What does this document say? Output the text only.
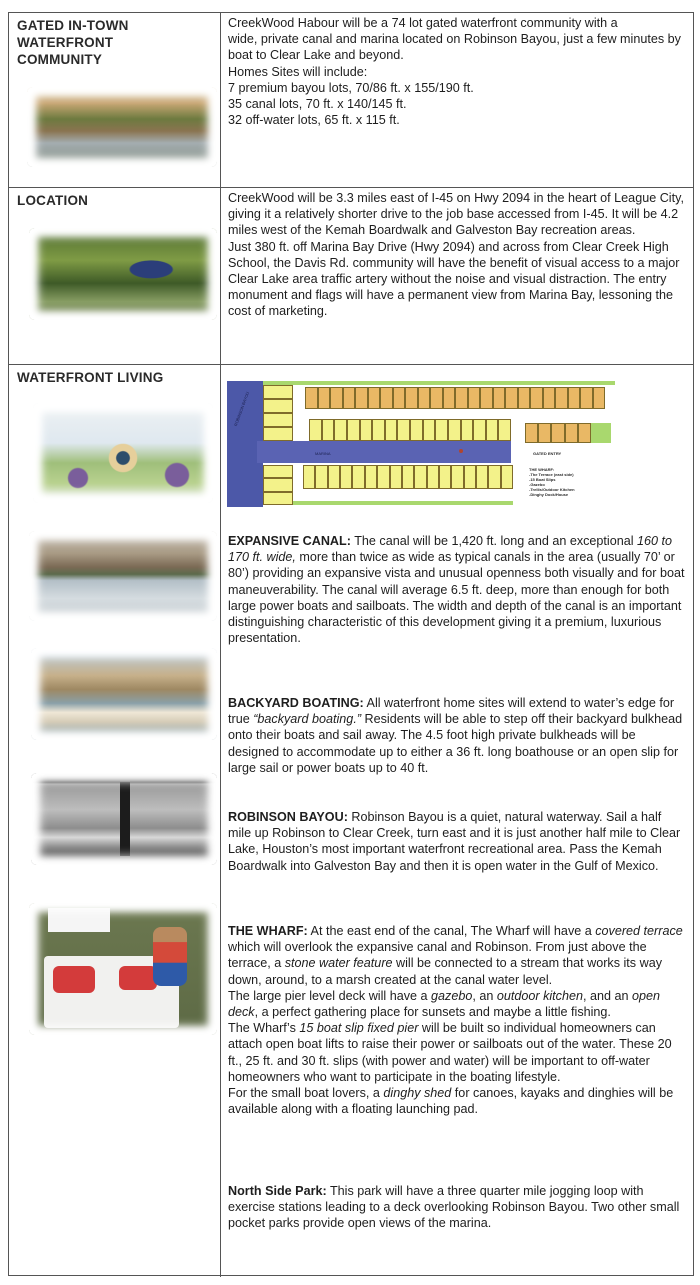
GATED IN-TOWN WATERFRONT COMMUNITY

CreekWood Habour will be a 74 lot gated waterfront community with a

wide, private canal and marina located on Robinson Bayou, just a few minutes by boat to Clear Lake and beyond.

Homes Sites will include:

7 premium bayou lots, 70/86 ft. x 155/190 ft.

35 canal lots, 70 ft. x 140/145 ft.

32 off-water lots, 65 ft. x 115 ft.

LOCATION	CreekWood will be 3.3 miles east of I-45 on Hwy 2094 in the heart of League City, giving it a relatively shorter drive to the job base accessed from I-45. It will be 4.2 miles west of the Kemah Boardwalk and Galveston Bay recreation areas.

Just 380 ft. off Marina Bay Drive (Hwy 2094) and across from Clear Creek High School, the Davis Rd. community will have the benefit of visual access to a major Clear Lake area traffic artery without the noise and visual distraction. The entry monument and flags will have a permanent view from Marina Bay, lessoning the cost of marketing.

WATERFRONT LIVING
ROBINSON BAYOU
MARINA	GATED ENTRY
THE WHARF:
-The Terrace (east side)
-15 Boat Slips
-Gazebo
-Trellis/Outdoor Kitchen
-Dinghy Dock/House

EXPANSIVE CANAL: The canal will be 1,420 ft. long and an exceptional 160 to 170 ft. wide, more than twice as wide as typical canals in the area (usually 70’ or 80’) providing an expansive vista and unusual openness both visually and for boat maneuverability. The canal will average 6.5 ft. deep, more than enough for both large power boats and sailboats. The width and depth of the canal is an important distinguishing characteristic of this development giving it a premium, luxurious presentation.

BACKYARD BOATING: All waterfront home sites will extend to water’s edge for true “backyard boating.” Residents will be able to step off their backyard bulkhead onto their boats and sail away. The 4.5 foot high private bulkheads will be designed to accommodate up to either a 36 ft. long boathouse or an open slip for large sail or power boats up to 40 ft.

ROBINSON BAYOU: Robinson Bayou is a quiet, natural waterway. Sail a half mile up Robinson to Clear Creek, turn east and it is just another half mile to Clear Lake, Houston’s most important waterfront recreational area. Pass the Kemah Boardwalk into Galveston Bay and then it is open water in the Gulf of Mexico.

THE WHARF: At the east end of the canal, The Wharf will have a covered terrace which will overlook the expansive canal and Robinson. From just above the terrace, a stone water feature will be connected to a stream that works its way down, around, to a marsh created at the canal water level.

The large pier level deck will have a gazebo, an outdoor kitchen, and an open deck, a perfect gathering place for sunsets and maybe a little fishing.

The Wharf’s 15 boat slip fixed pier will be built so individual homeowners can attach open boat lifts to raise their power or sailboats out of the water. These 20 ft., 25 ft. and 30 ft. slips (with power and water) will be important to off-water homeowners who want to participate in the boating lifestyle.

For the small boat lovers, a dinghy shed for canoes, kayaks and dinghies will be available along with a floating launching pad.

North Side Park: This park will have a three quarter mile jogging loop with exercise stations leading to a deck overlooking Robinson Bayou. Two other small pocket parks provide open views of the marina.
